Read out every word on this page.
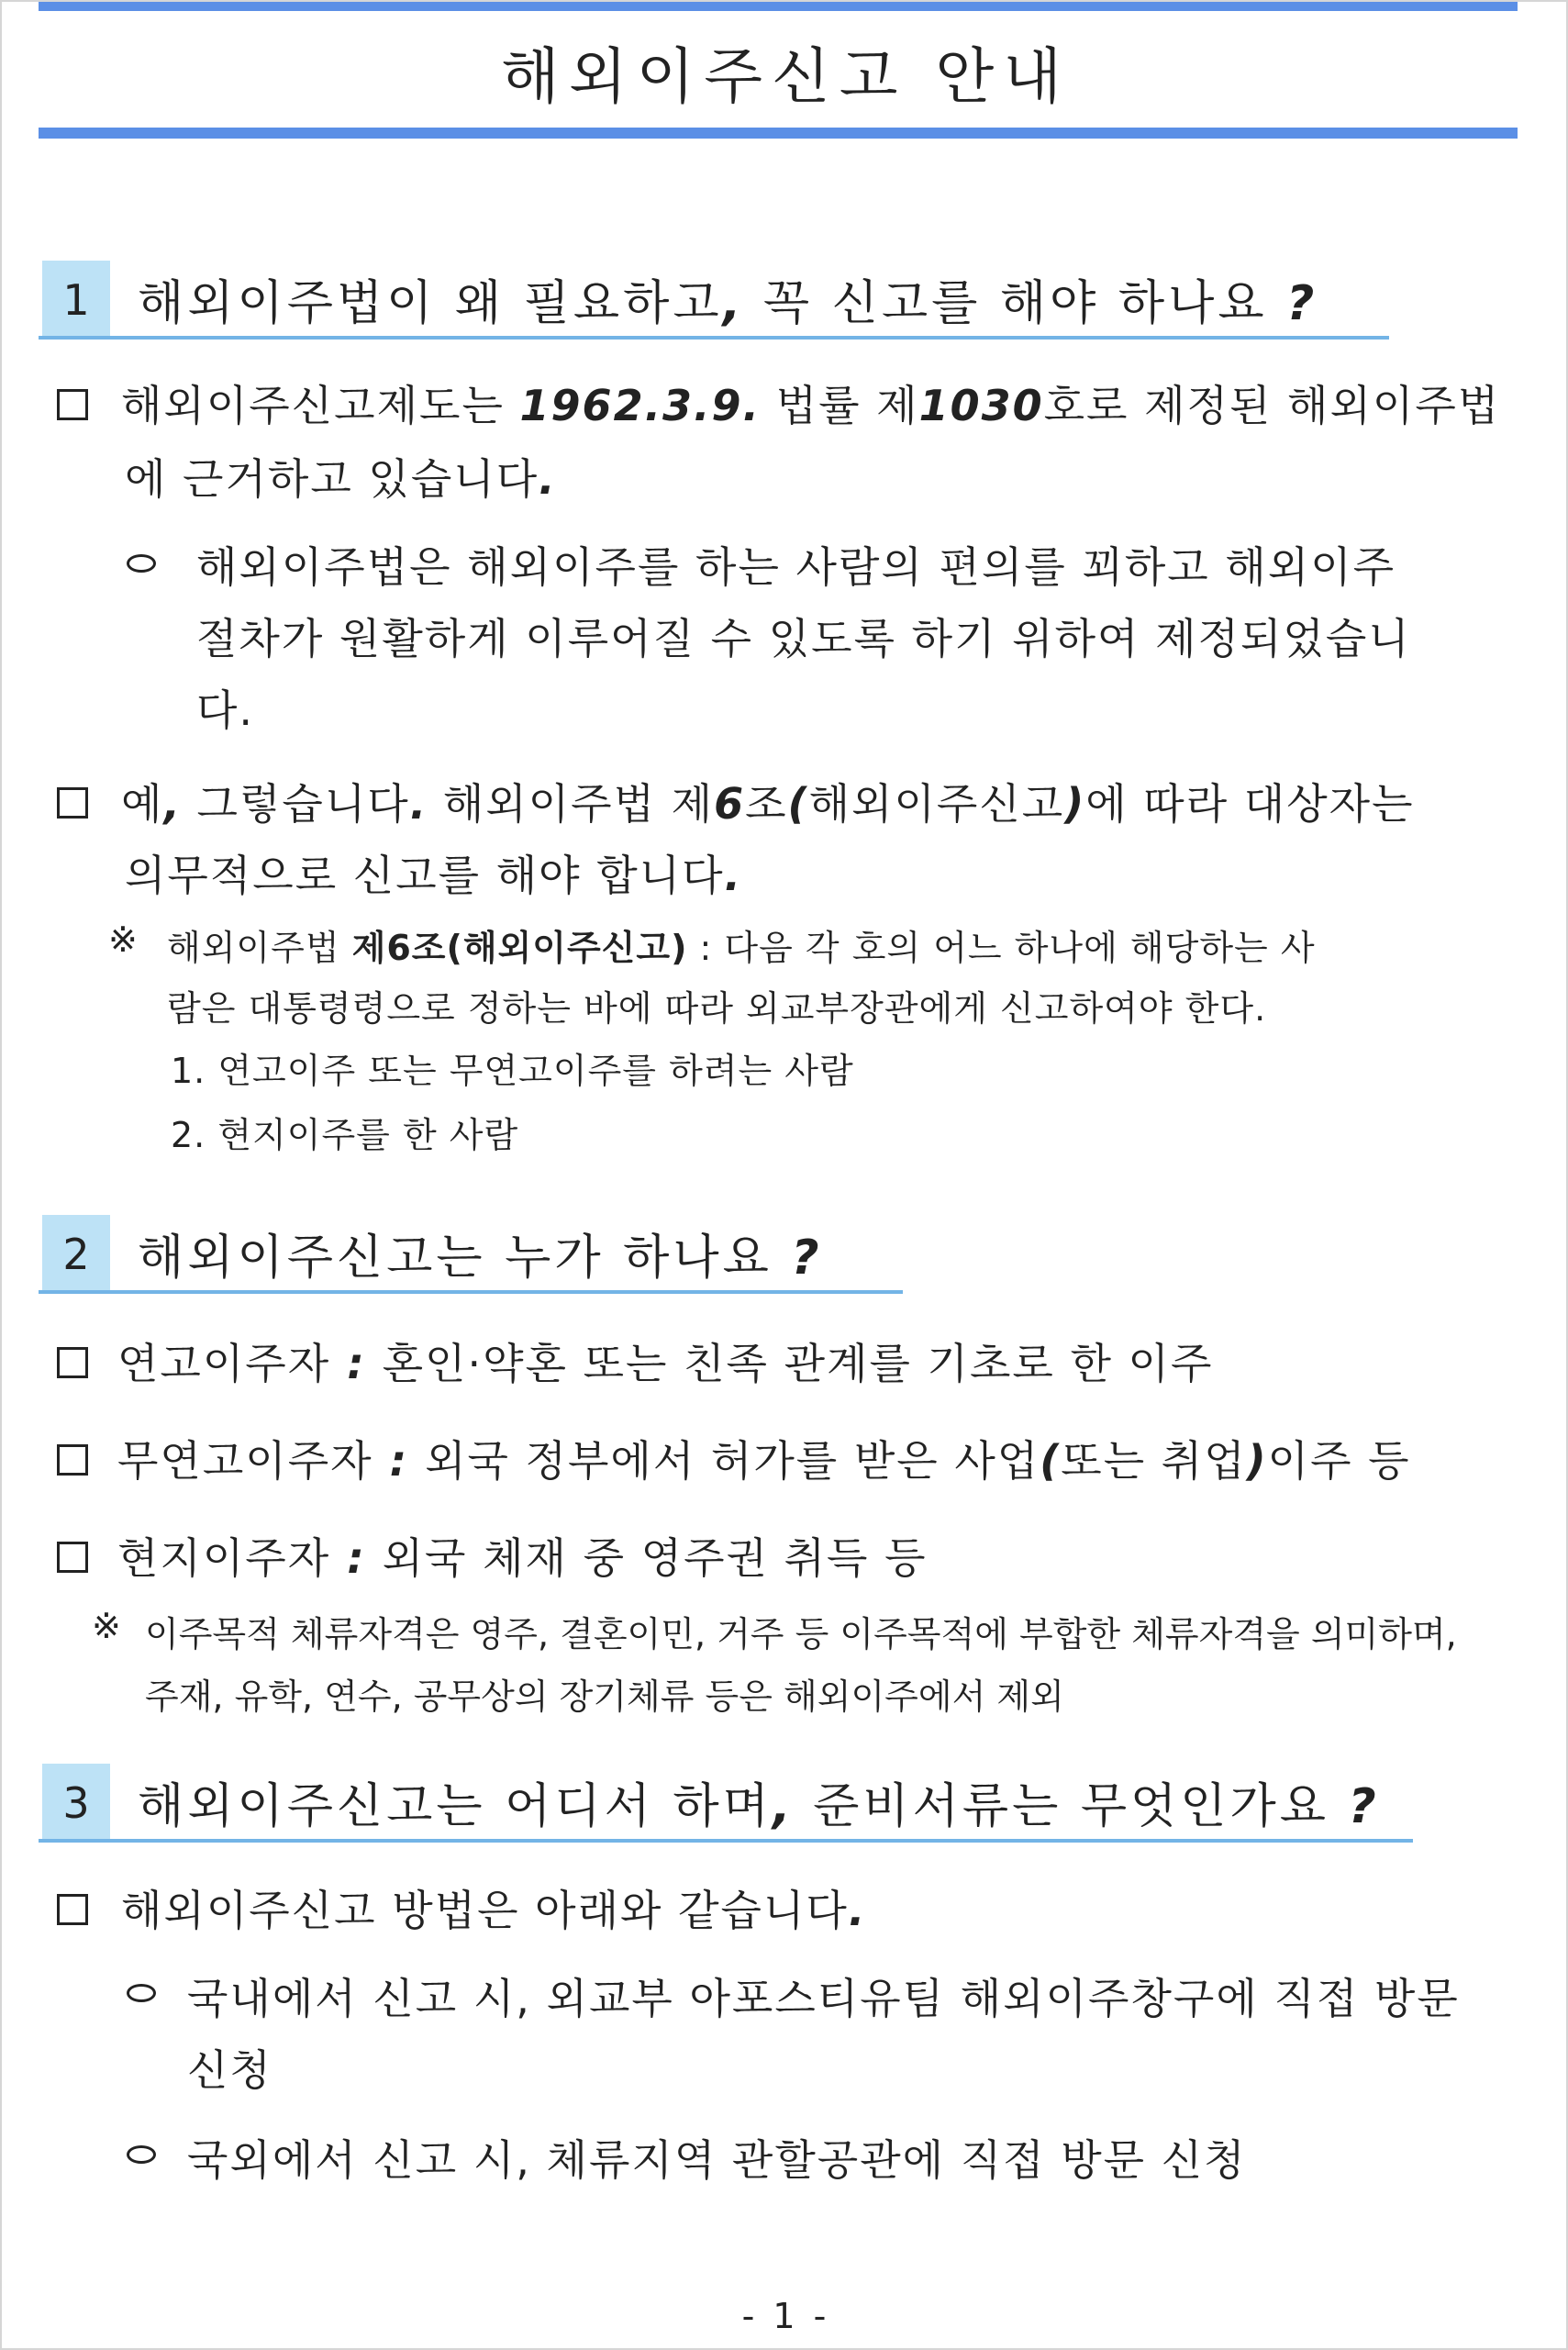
해외이주신고 안내
1	해외이주법이 왜 필요하고, 꼭 신고를 해야 하나요 ?
해외이주신고제도는 1962.3.9. 법률 제1030호로 제정된 해외이주법
에 근거하고 있습니다.
해외이주법은 해외이주를 하는 사람의 편의를 꾀하고 해외이주
절차가 원활하게 이루어질 수 있도록 하기 위하여 제정되었습니
다.
예, 그렇습니다. 해외이주법 제6조(해외이주신고)에 따라 대상자는
의무적으로 신고를 해야 합니다.
※ 해외이주법 제6조(해외이주신고) : 다음 각 호의 어느 하나에 해당하는 사
람은 대통령령으로 정하는 바에 따라 외교부장관에게 신고하여야 한다.
1. 연고이주 또는 무연고이주를 하려는 사람
2. 현지이주를 한 사람
2	해외이주신고는 누가 하나요 ?
연고이주자 : 혼인·약혼 또는 친족 관계를 기초로 한 이주
무연고이주자 : 외국 정부에서 허가를 받은 사업(또는 취업)이주 등
현지이주자 : 외국 체재 중 영주권 취득 등
※ 이주목적 체류자격은 영주, 결혼이민, 거주 등 이주목적에 부합한 체류자격을 의미하며,
주재, 유학, 연수, 공무상의 장기체류 등은 해외이주에서 제외
3	해외이주신고는 어디서 하며, 준비서류는 무엇인가요 ?
해외이주신고 방법은 아래와 같습니다.
국내에서 신고 시, 외교부 아포스티유팀 해외이주창구에 직접 방문
신청
국외에서 신고 시, 체류지역 관할공관에 직접 방문 신청
- 1 -
